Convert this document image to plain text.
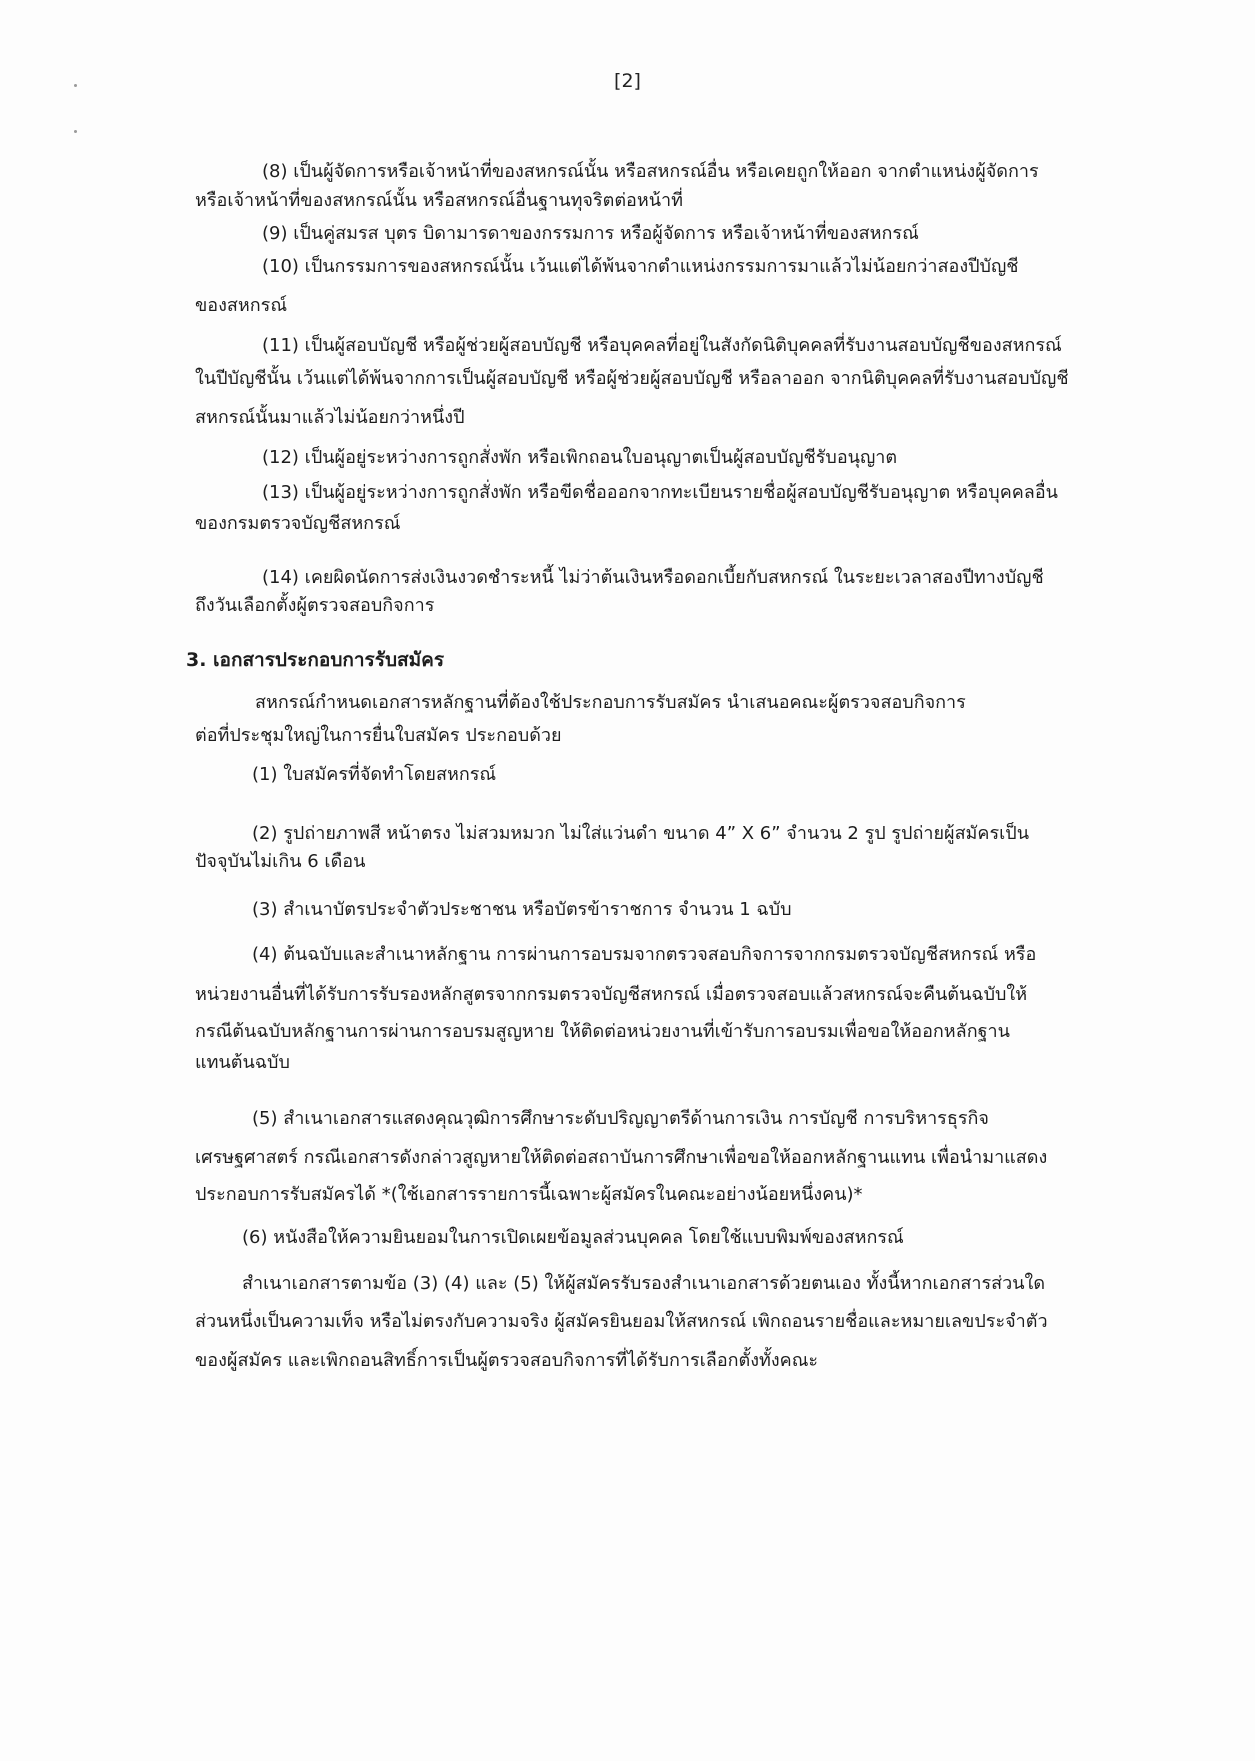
[2]
(8) เป็นผู้จัดการหรือเจ้าหน้าที่ของสหกรณ์นั้น หรือสหกรณ์อื่น หรือเคยถูกให้ออก จากตำแหน่งผู้จัดการ
หรือเจ้าหน้าที่ของสหกรณ์นั้น หรือสหกรณ์อื่นฐานทุจริตต่อหน้าที่
(9) เป็นคู่สมรส บุตร บิดามารดาของกรรมการ หรือผู้จัดการ หรือเจ้าหน้าที่ของสหกรณ์
(10) เป็นกรรมการของสหกรณ์นั้น เว้นแต่ได้พ้นจากตำแหน่งกรรมการมาแล้วไม่น้อยกว่าสองปีบัญชี
ของสหกรณ์
(11) เป็นผู้สอบบัญชี หรือผู้ช่วยผู้สอบบัญชี หรือบุคคลที่อยู่ในสังกัดนิติบุคคลที่รับงานสอบบัญชีของสหกรณ์
ในปีบัญชีนั้น เว้นแต่ได้พ้นจากการเป็นผู้สอบบัญชี หรือผู้ช่วยผู้สอบบัญชี หรือลาออก จากนิติบุคคลที่รับงานสอบบัญชี
สหกรณ์นั้นมาแล้วไม่น้อยกว่าหนึ่งปี
(12) เป็นผู้อยู่ระหว่างการถูกสั่งพัก หรือเพิกถอนใบอนุญาตเป็นผู้สอบบัญชีรับอนุญาต
(13) เป็นผู้อยู่ระหว่างการถูกสั่งพัก หรือขีดชื่อออกจากทะเบียนรายชื่อผู้สอบบัญชีรับอนุญาต หรือบุคคลอื่น
ของกรมตรวจบัญชีสหกรณ์
(14) เคยผิดนัดการส่งเงินงวดชำระหนี้ ไม่ว่าต้นเงินหรือดอกเบี้ยกับสหกรณ์ ในระยะเวลาสองปีทางบัญชี
ถึงวันเลือกตั้งผู้ตรวจสอบกิจการ
3. เอกสารประกอบการรับสมัคร
สหกรณ์กำหนดเอกสารหลักฐานที่ต้องใช้ประกอบการรับสมัคร นำเสนอคณะผู้ตรวจสอบกิจการ
ต่อที่ประชุมใหญ่ในการยื่นใบสมัคร ประกอบด้วย
(1) ใบสมัครที่จัดทำโดยสหกรณ์
(2) รูปถ่ายภาพสี หน้าตรง ไม่สวมหมวก ไม่ใส่แว่นดำ ขนาด 4” X 6” จำนวน 2 รูป รูปถ่ายผู้สมัครเป็น
ปัจจุบันไม่เกิน 6 เดือน
(3) สำเนาบัตรประจำตัวประชาชน หรือบัตรข้าราชการ จำนวน 1 ฉบับ
(4) ต้นฉบับและสำเนาหลักฐาน การผ่านการอบรมจากตรวจสอบกิจการจากกรมตรวจบัญชีสหกรณ์ หรือ
หน่วยงานอื่นที่ได้รับการรับรองหลักสูตรจากกรมตรวจบัญชีสหกรณ์ เมื่อตรวจสอบแล้วสหกรณ์จะคืนต้นฉบับให้
กรณีต้นฉบับหลักฐานการผ่านการอบรมสูญหาย ให้ติดต่อหน่วยงานที่เข้ารับการอบรมเพื่อขอให้ออกหลักฐาน
แทนต้นฉบับ
(5) สำเนาเอกสารแสดงคุณวุฒิการศึกษาระดับปริญญาตรีด้านการเงิน การบัญชี การบริหารธุรกิจ
เศรษฐศาสตร์ กรณีเอกสารดังกล่าวสูญหายให้ติดต่อสถาบันการศึกษาเพื่อขอให้ออกหลักฐานแทน เพื่อนำมาแสดง
ประกอบการรับสมัครได้ *(ใช้เอกสารรายการนี้เฉพาะผู้สมัครในคณะอย่างน้อยหนึ่งคน)*
(6) หนังสือให้ความยินยอมในการเปิดเผยข้อมูลส่วนบุคคล โดยใช้แบบพิมพ์ของสหกรณ์
สำเนาเอกสารตามข้อ (3) (4) และ (5) ให้ผู้สมัครรับรองสำเนาเอกสารด้วยตนเอง ทั้งนี้หากเอกสารส่วนใด
ส่วนหนึ่งเป็นความเท็จ หรือไม่ตรงกับความจริง ผู้สมัครยินยอมให้สหกรณ์ เพิกถอนรายชื่อและหมายเลขประจำตัว
ของผู้สมัคร และเพิกถอนสิทธิ์การเป็นผู้ตรวจสอบกิจการที่ได้รับการเลือกตั้งทั้งคณะ
